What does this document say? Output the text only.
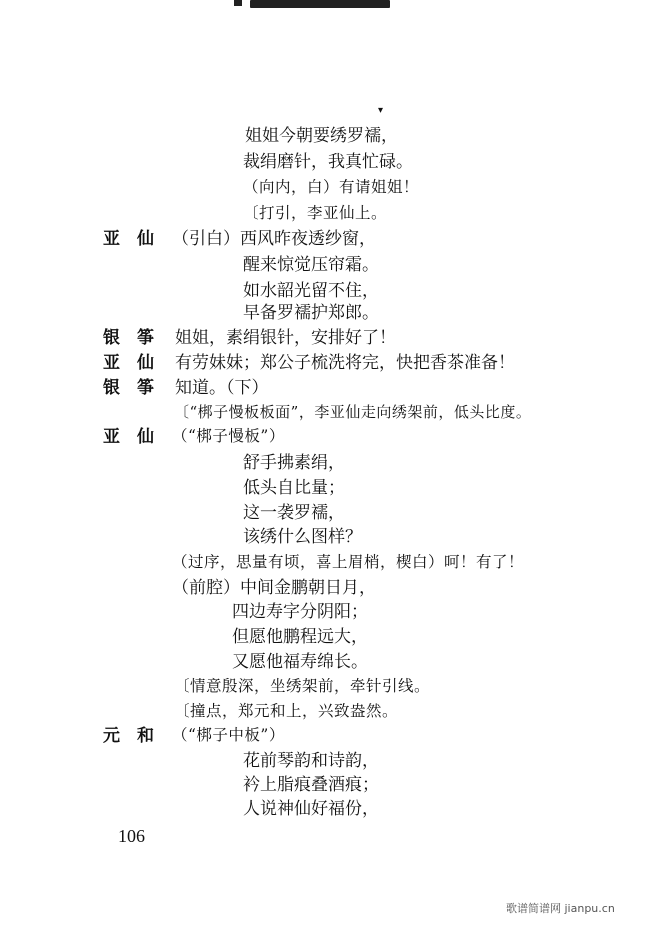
▾
姐姐今朝要绣罗襦，
裁绢磨针，我真忙碌。
（向内，白）有请姐姐！
〔打引，李亚仙上。
亚　仙 （引白）西风昨夜透纱窗，
醒来惊觉压帘霜。
如水韶光留不住，
早备罗襦护郑郎。
银　筝 姐姐，素绢银针，安排好了！
亚　仙 有劳妹妹；郑公子梳洗将完，快把香茶准备！
银　筝 知道。（下）
〔“梆子慢板板面”，李亚仙走向绣架前，低头比度。
亚　仙 （“梆子慢板”）
舒手拂素绢，
低头自比量；
这一袭罗襦，
该绣什么图样？
（过序，思量有顷，喜上眉梢，楔白）呵！有了！
（前腔）中间金鹏朝日月，
四边寿字分阴阳；
但愿他鹏程远大，
又愿他福寿绵长。
〔情意殷深，坐绣架前，牵针引线。
〔撞点，郑元和上，兴致盎然。
元　和 （“梆子中板”）
花前琴韵和诗韵，
衿上脂痕叠酒痕；
人说神仙好福份，
106
歌谱简谱网 jianpu.cn
